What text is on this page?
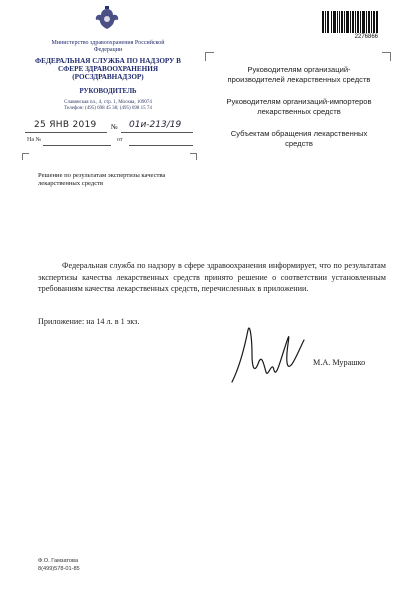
Министерство здравоохранения Российской Федерации
ФЕДЕРАЛЬНАЯ СЛУЖБА ПО НАДЗОРУ В СФЕРЕ ЗДРАВООХРАНЕНИЯ (РОСЗДРАВНАДЗОР)
РУКОВОДИТЕЛЬ
Славянская пл., 4, стр. 1, Москва, 109074
Телефон: (495) 698 45 38; (495) 698 15 74
25 ЯНВ 2019 № 01и-213/19
На №	от
Решение по результатам экспертизы качества лекарственных средств
2276866

Руководителям организаций-производителей лекарственных средств

Руководителям организаций-импортеров лекарственных средств

Субъектам обращения лекарственных средств

Федеральная служба по надзору в сфере здравоохранения информирует, что по результатам экспертизы качества лекарственных средств принято решение о соответствии установленным требованиям качества лекарственных средств, перечисленных в приложении.
Приложение: на 14 л. в 1 экз.
М.А. Мурашко
Ф.О. Гамзатова
8(499)578-01-85
